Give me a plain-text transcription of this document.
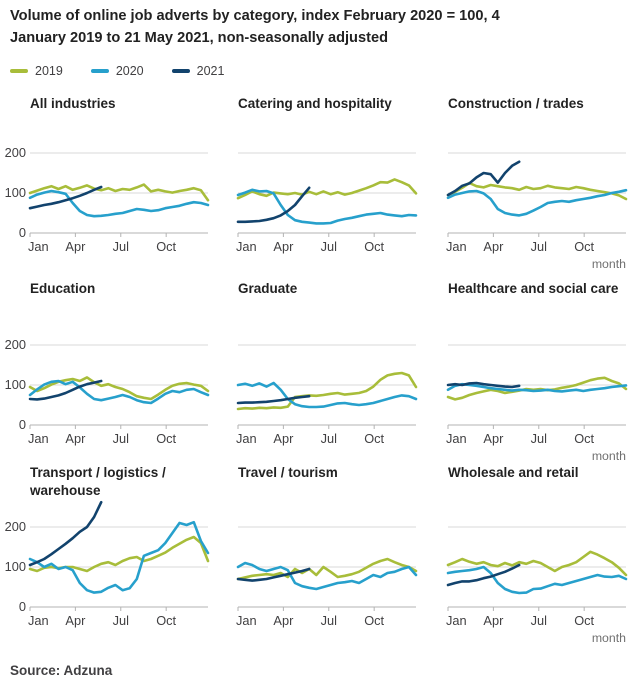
Volume of online job adverts by category, index February 2020 = 100, 4
January 2019 to 21 May 2021, non-seasonally adjusted
2019	2020	2021
All industries
200
100
0
Jan Apr Jul Oct
Catering and hospitality
Jan Apr Jul Oct
Construction / trades
Jan Apr Jul Oct
month
Education
200
100
0
Jan Apr Jul Oct
Graduate
Jan Apr Jul Oct
Healthcare and social care
Jan Apr Jul Oct
month
Transport / logistics / warehouse
200
100
0
Jan Apr Jul Oct
Travel / tourism
Jan Apr Jul Oct
Wholesale and retail
Jan Apr Jul Oct
month
Source: Adzuna
